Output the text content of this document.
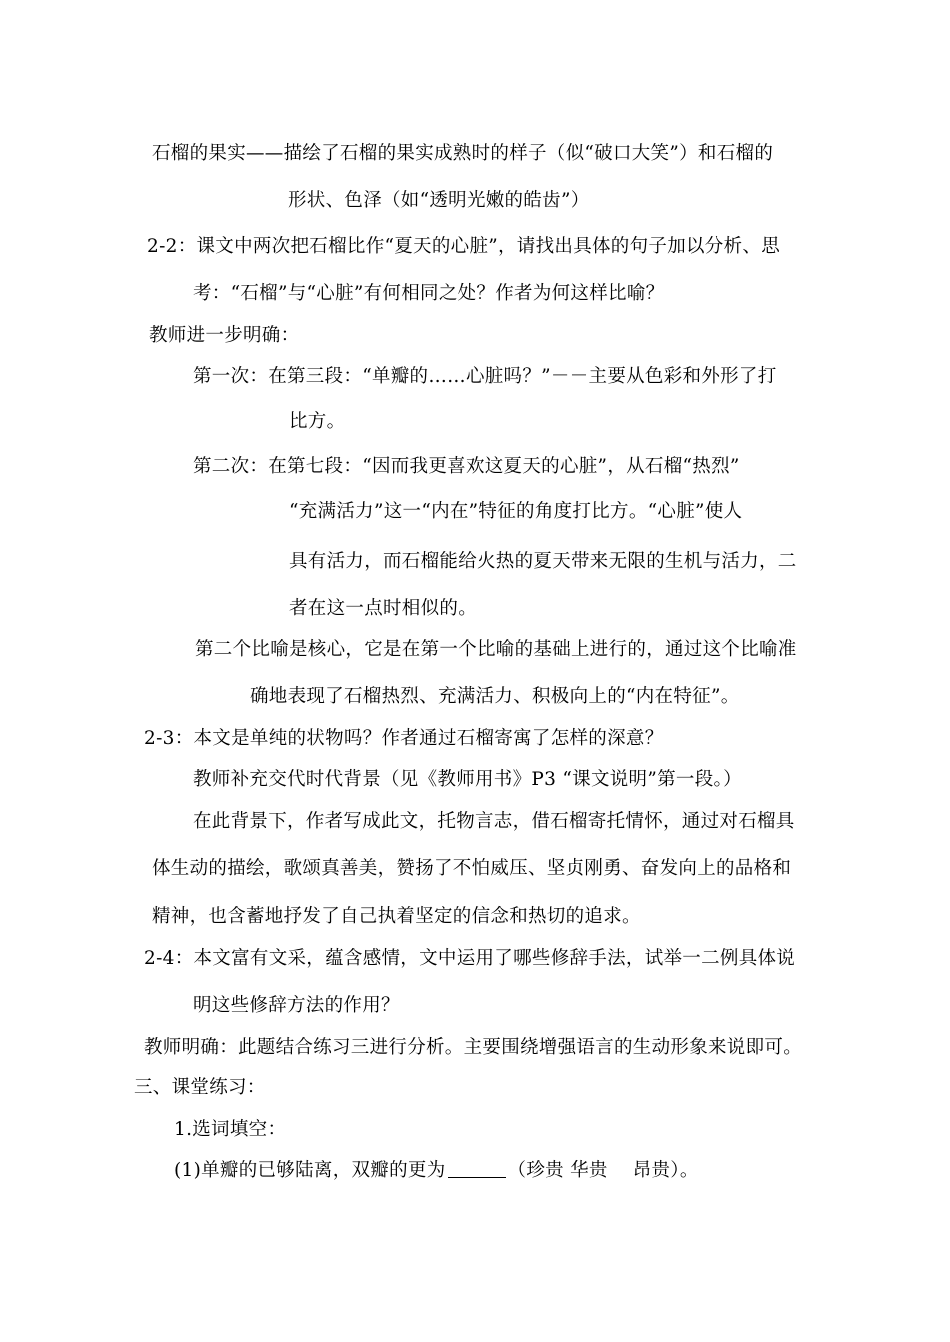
石榴的果实——描绘了石榴的果实成熟时的样子（似“破口大笑”）和石榴的
形状、色泽（如“透明光嫩的皓齿”）
2-2：课文中两次把石榴比作“夏天的心脏”，请找出具体的句子加以分析、思
考：“石榴”与“心脏”有何相同之处？作者为何这样比喻？
教师进一步明确：
第一次：在第三段：“单瓣的……心脏吗？”－－主要从色彩和外形了打
比方。
第二次：在第七段：“因而我更喜欢这夏天的心脏”，从石榴“热烈”
“充满活力”这一“内在”特征的角度打比方。“心脏”使人
具有活力，而石榴能给火热的夏天带来无限的生机与活力，二
者在这一点时相似的。
第二个比喻是核心，它是在第一个比喻的基础上进行的，通过这个比喻准
确地表现了石榴热烈、充满活力、积极向上的“内在特征”。
2-3：本文是单纯的状物吗？作者通过石榴寄寓了怎样的深意？
教师补充交代时代背景（见《教师用书》P3 “课文说明”第一段。）
在此背景下，作者写成此文，托物言志，借石榴寄托情怀，通过对石榴具
体生动的描绘，歌颂真善美，赞扬了不怕威压、坚贞刚勇、奋发向上的品格和
精神，也含蓄地抒发了自己执着坚定的信念和热切的追求。
2-4：本文富有文采，蕴含感情，文中运用了哪些修辞手法，试举一二例具体说
明这些修辞方法的作用？
教师明确：此题结合练习三进行分析。主要围绕增强语言的生动形象来说即可。
三、课堂练习：
1.选词填空：
(1)单瓣的已够陆离，双瓣的更为	（珍贵 华贵　 昂贵）。
